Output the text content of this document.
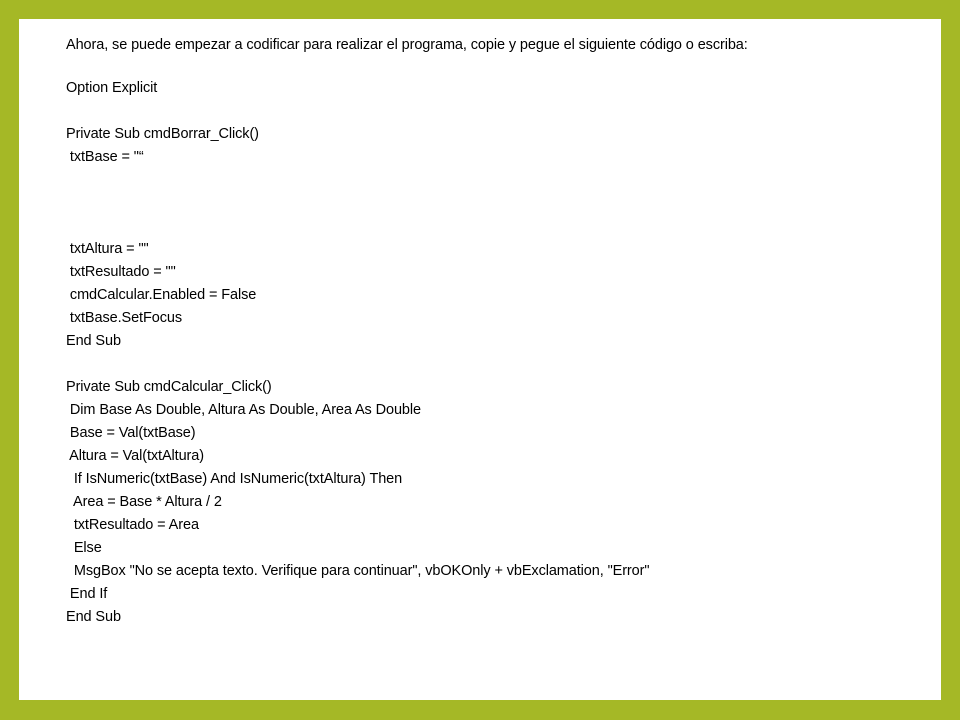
Ahora, se puede empezar a codificar para realizar el programa, copie y pegue el siguiente código o escriba:
Option Explicit
Private Sub cmdBorrar_Click()
txtBase = "“
txtAltura = ""
txtResultado = ""
cmdCalcular.Enabled = False
txtBase.SetFocus
End Sub
Private Sub cmdCalcular_Click()
Dim Base As Double, Altura As Double, Area As Double
Base = Val(txtBase)
Altura = Val(txtAltura)
If IsNumeric(txtBase) And IsNumeric(txtAltura) Then
Area = Base * Altura / 2
txtResultado = Area
Else
MsgBox "No se acepta texto. Verifique para continuar", vbOKOnly + vbExclamation, "Error"
End If
End Sub
